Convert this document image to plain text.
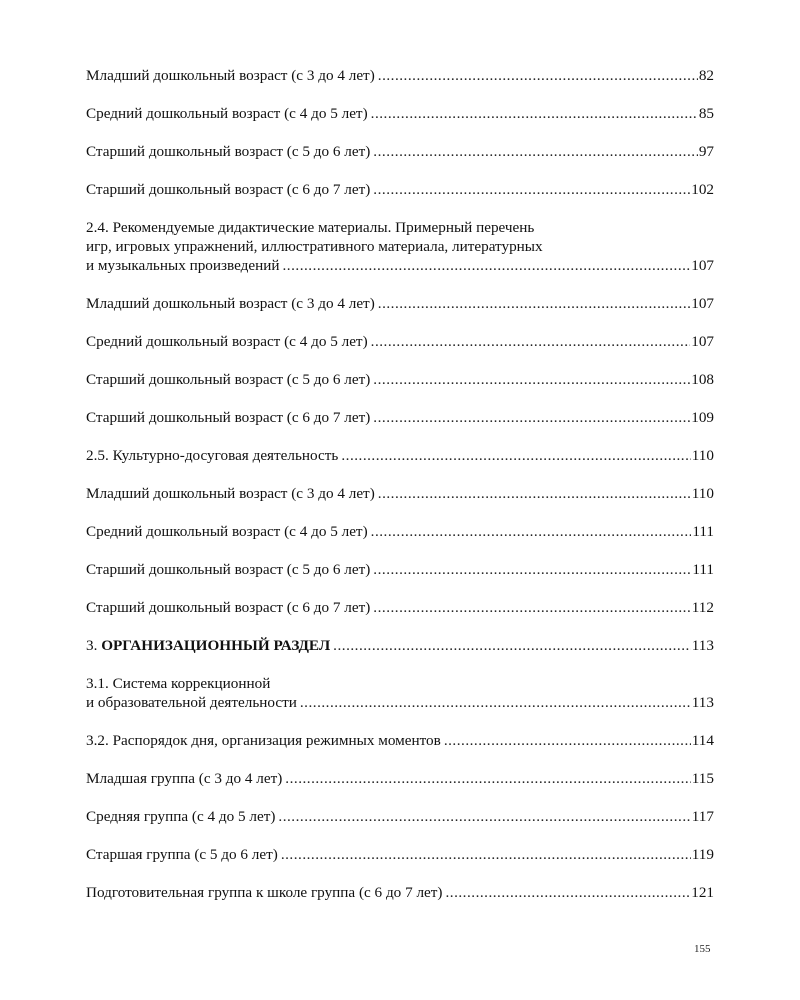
Младший дошкольный возраст (с 3 до 4 лет) .....	82
Средний дошкольный возраст (с 4 до 5 лет) .....	85
Старший дошкольный возраст (с 5 до 6 лет) .....	97
Старший дошкольный возраст (с 6 до 7 лет) .....	102
2.4. Рекомендуемые дидактические материалы. Примерный перечень
игр, игровых упражнений, иллюстративного материала, литературных
и музыкальных произведений .....	107
Младший дошкольный возраст (с 3 до 4 лет) .....	107
Средний дошкольный возраст (с 4 до 5 лет) .....	107
Старший дошкольный возраст (с 5 до 6 лет) .....	108
Старший дошкольный возраст (с 6 до 7 лет) .....	109
2.5. Культурно-досуговая деятельность .....	110
Младший дошкольный возраст (с 3 до 4 лет) .....	110
Средний дошкольный возраст (с 4 до 5 лет) .....	111
Старший дошкольный возраст (с 5 до 6 лет) .....	111
Старший дошкольный возраст (с 6 до 7 лет) .....	112
3. ОРГАНИЗАЦИОННЫЙ РАЗДЕЛ .....	113
3.1. Система коррекционной
и образовательной деятельности .....	113
3.2. Распорядок дня, организация режимных моментов .....	114
Младшая группа (с 3 до 4 лет) .....	115
Средняя группа (с 4 до 5 лет) .....	117
Старшая группа (с 5 до 6 лет) .....	119
Подготовительная группа к школе группа (с 6 до 7 лет) .....	121
155
